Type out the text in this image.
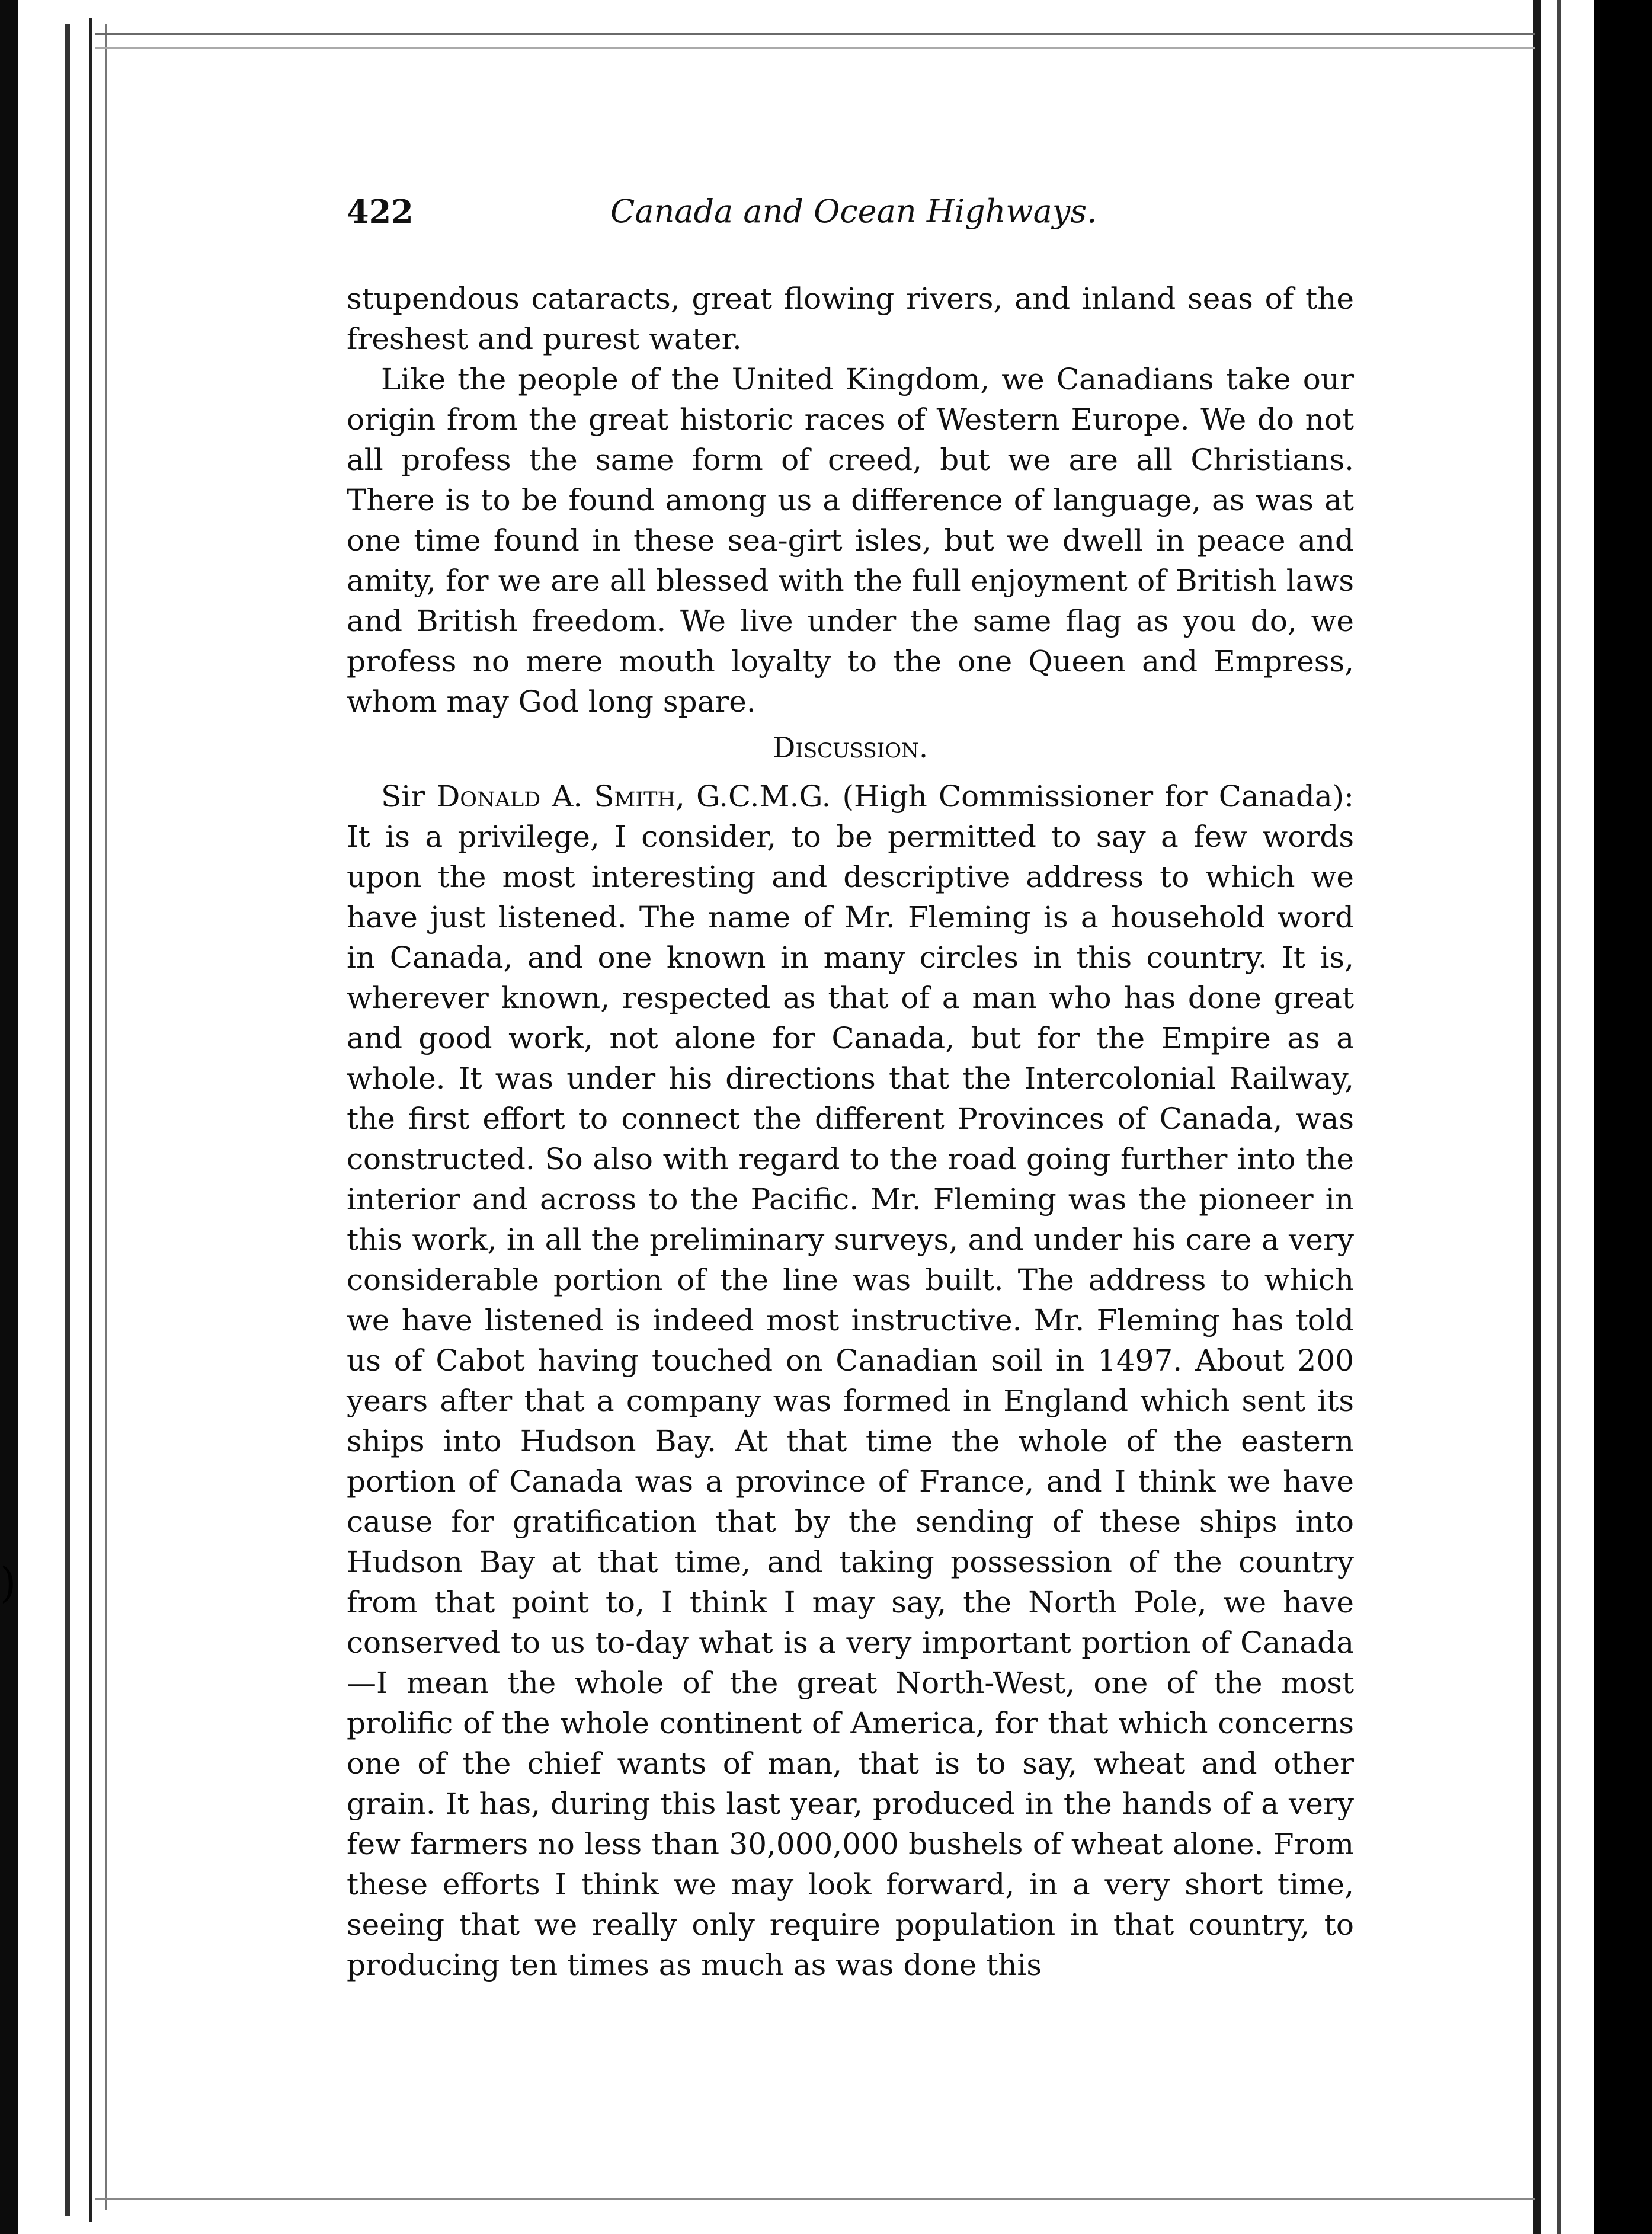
)
422	Canada and Ocean Highways.

stupendous cataracts, great flowing rivers, and inland seas of the freshest and purest water.

Like the people of the United Kingdom, we Canadians take our origin from the great historic races of Western Europe. We do not all profess the same form of creed, but we are all Christians. There is to be found among us a difference of language, as was at one time found in these sea-girt isles, but we dwell in peace and amity, for we are all blessed with the full enjoyment of British laws and British freedom. We live under the same flag as you do, we profess no mere mouth loyalty to the one Queen and Empress, whom may God long spare.

Discussion.

Sir Donald A. Smith, G.C.M.G. (High Commissioner for Canada): It is a privilege, I consider, to be permitted to say a few words upon the most interesting and descriptive address to which we have just listened. The name of Mr. Fleming is a household word in Canada, and one known in many circles in this country. It is, wherever known, respected as that of a man who has done great and good work, not alone for Canada, but for the Empire as a whole. It was under his directions that the Intercolonial Railway, the first effort to connect the different Provinces of Canada, was constructed. So also with regard to the road going further into the interior and across to the Pacific. Mr. Fleming was the pioneer in this work, in all the preliminary surveys, and under his care a very considerable portion of the line was built. The address to which we have listened is indeed most instructive. Mr. Fleming has told us of Cabot having touched on Canadian soil in 1497. About 200 years after that a company was formed in England which sent its ships into Hudson Bay. At that time the whole of the eastern portion of Canada was a province of France, and I think we have cause for gratification that by the sending of these ships into Hudson Bay at that time, and taking possession of the country from that point to, I think I may say, the North Pole, we have conserved to us to-day what is a very important portion of Canada—I mean the whole of the great North-West, one of the most prolific of the whole continent of America, for that which concerns one of the chief wants of man, that is to say, wheat and other grain. It has, during this last year, produced in the hands of a very few farmers no less than 30,000,000 bushels of wheat alone. From these efforts I think we may look forward, in a very short time, seeing that we really only require population in that country, to producing ten times as much as was done this
